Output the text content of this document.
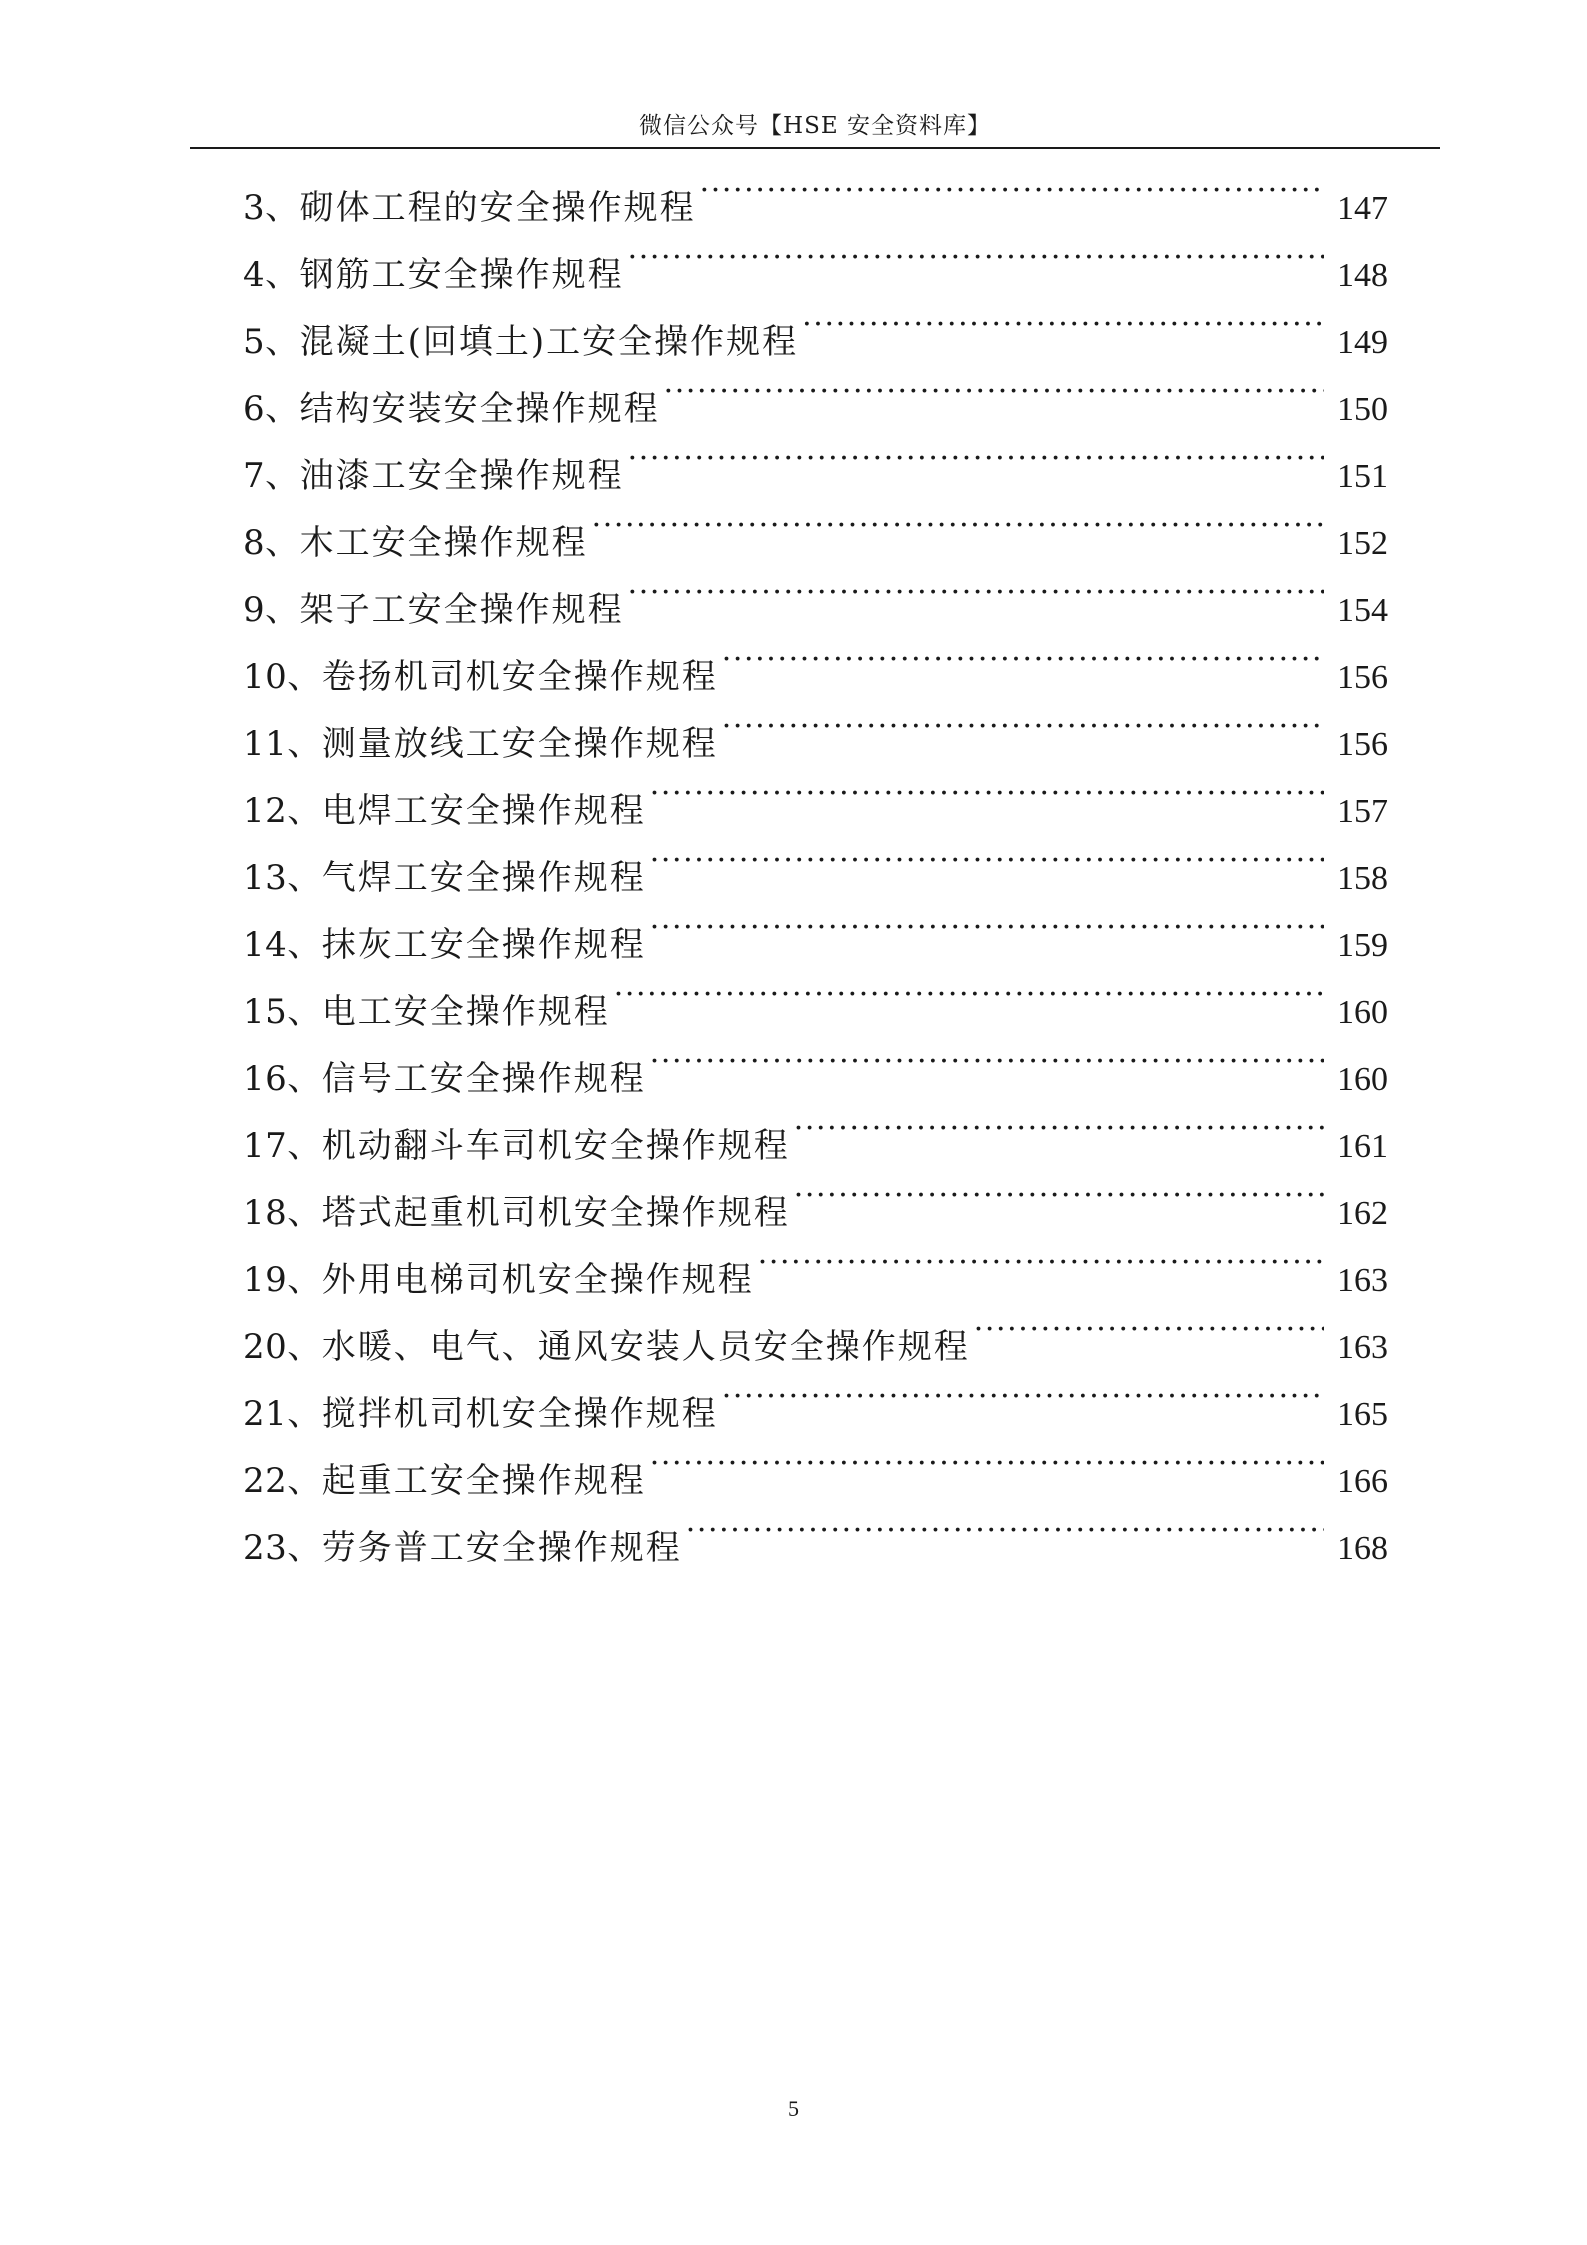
微信公众号【HSE 安全资料库】
3、 砌体工程的安全操作规程 ·····	147
4、 钢筋工安全操作规程 ·····	148
5、 混凝土(回填土)工安全操作规程 ·····	149
6、 结构安装安全操作规程 ·····	150
7、 油漆工安全操作规程 ·····	151
8、 木工安全操作规程 ·····	152
9、 架子工安全操作规程 ·····	154
10、 卷扬机司机安全操作规程 ·····	156
11、 测量放线工安全操作规程 ·····	156
12、 电焊工安全操作规程 ·····	157
13、 气焊工安全操作规程 ·····	158
14、 抹灰工安全操作规程 ·····	159
15、 电工安全操作规程 ·····	160
16、 信号工安全操作规程 ·····	160
17、 机动翻斗车司机安全操作规程 ·····	161
18、 塔式起重机司机安全操作规程 ·····	162
19、 外用电梯司机安全操作规程 ·····	163
20、 水暖、电气、通风安装人员安全操作规程 ·····	163
21、 搅拌机司机安全操作规程 ·····	165
22、 起重工安全操作规程 ·····	166
23、 劳务普工安全操作规程 ·····	168
5
